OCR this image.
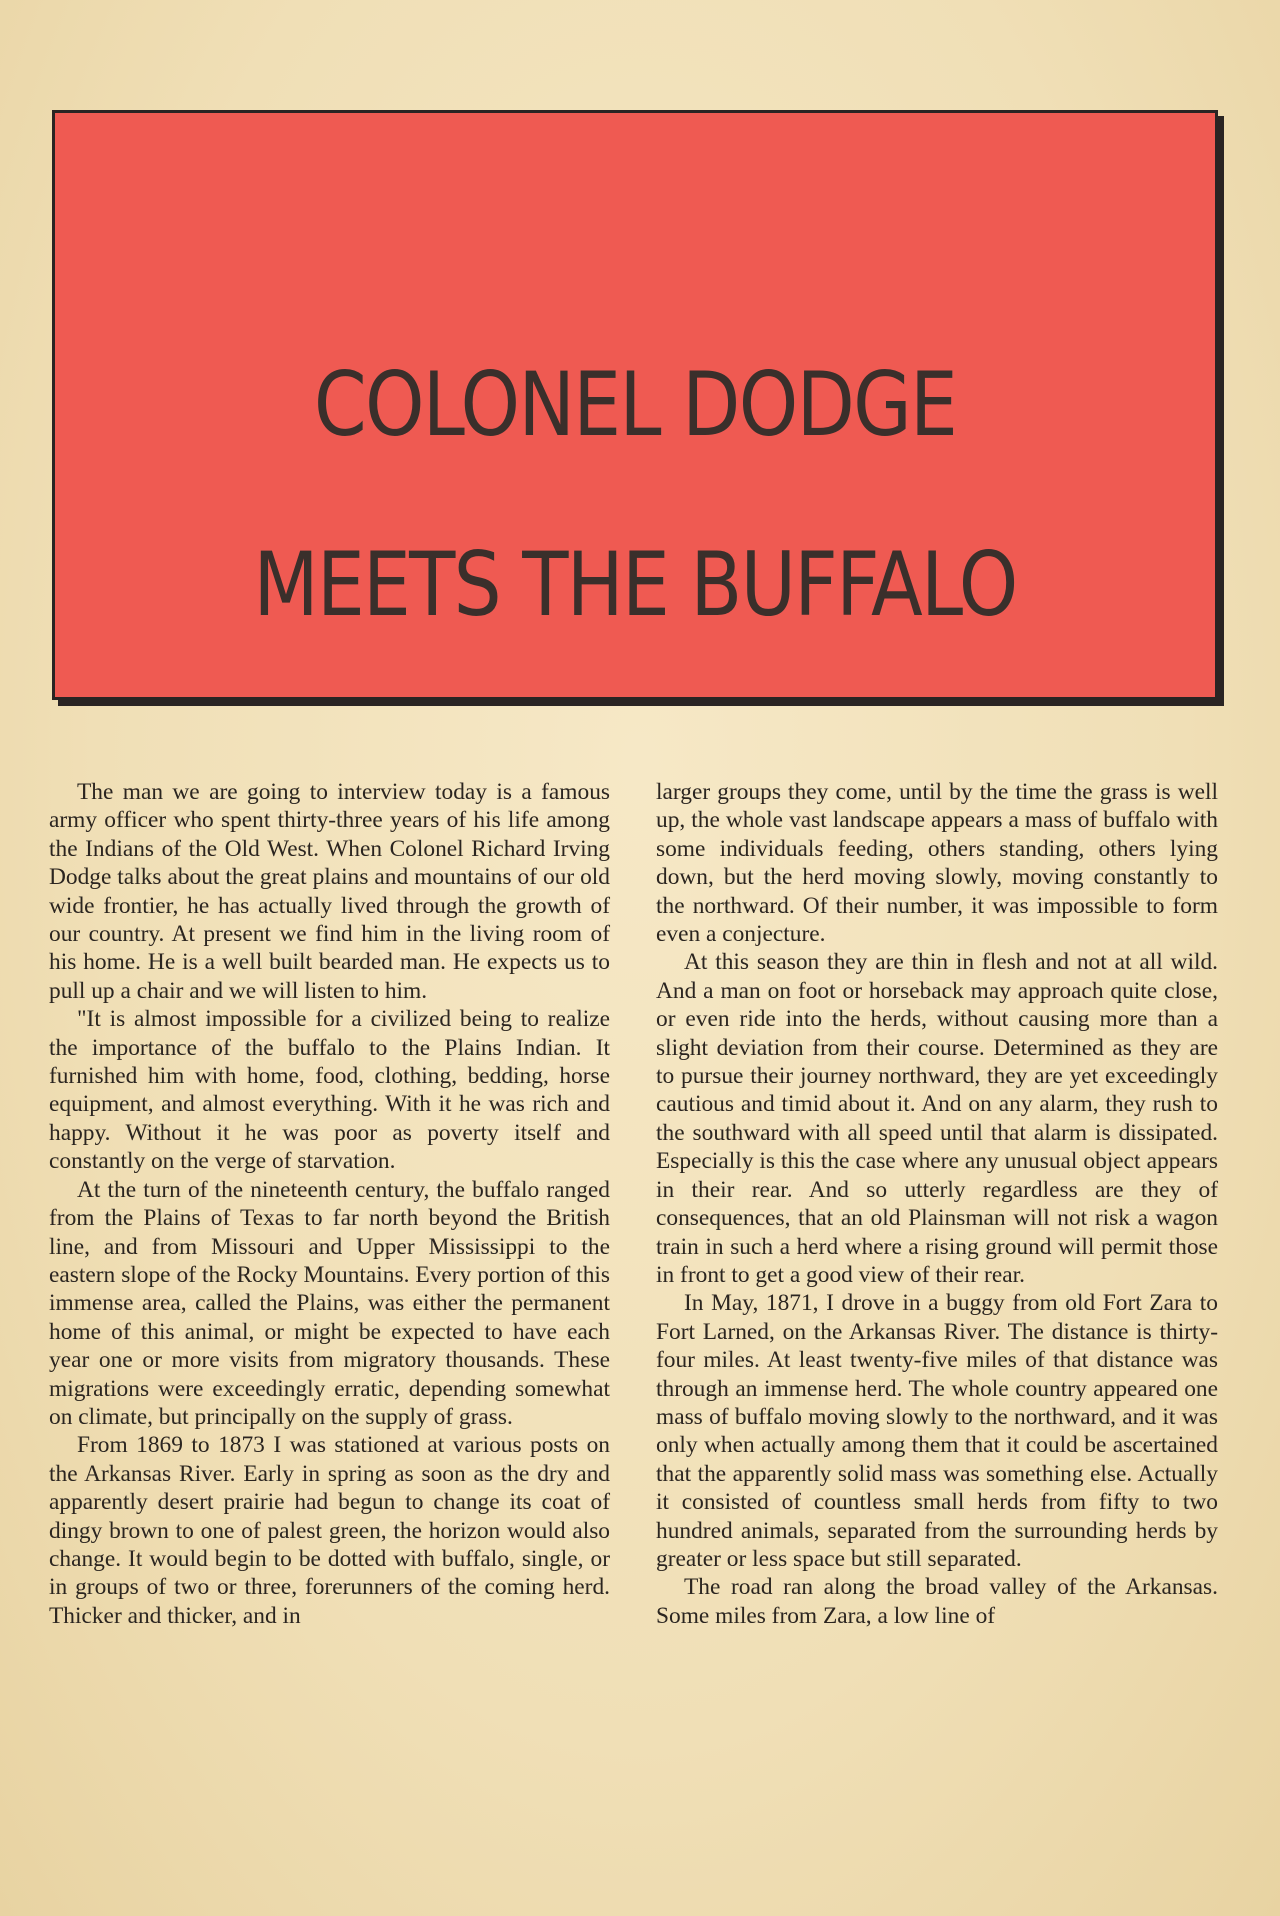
COLONEL DODGE
MEETS THE BUFFALO

The man we are going to interview today is a famous army officer who spent thirty-three years of his life among the Indians of the Old West. When Colonel Richard Irving Dodge talks about the great plains and mountains of our old wide frontier, he has actually lived through the growth of our country. At present we find him in the living room of his home. He is a well built bearded man. He expects us to pull up a chair and we will listen to him.

"It is almost impossible for a civilized being to realize the importance of the buffalo to the Plains Indian. It furnished him with home, food, clothing, bedding, horse equipment, and almost everything. With it he was rich and happy. Without it he was poor as poverty itself and constantly on the verge of starvation.

At the turn of the nineteenth century, the buffalo ranged from the Plains of Texas to far north beyond the British line, and from Missouri and Upper Mississippi to the eastern slope of the Rocky Mountains. Every portion of this immense area, called the Plains, was either the permanent home of this animal, or might be expected to have each year one or more visits from migratory thousands. These migrations were exceedingly erratic, depending somewhat on climate, but principally on the supply of grass.

From 1869 to 1873 I was stationed at various posts on the Arkansas River. Early in spring as soon as the dry and apparently desert prairie had begun to change its coat of dingy brown to one of palest green, the horizon would also change. It would begin to be dotted with buffalo, single, or in groups of two or three, forerunners of the coming herd. Thicker and thicker, and in

larger groups they come, until by the time the grass is well up, the whole vast landscape appears a mass of buffalo with some individuals feeding, others standing, others lying down, but the herd moving slowly, moving constantly to the northward. Of their number, it was impossible to form even a conjecture.

At this season they are thin in flesh and not at all wild. And a man on foot or horseback may approach quite close, or even ride into the herds, without causing more than a slight deviation from their course. Determined as they are to pursue their journey northward, they are yet exceedingly cautious and timid about it. And on any alarm, they rush to the southward with all speed until that alarm is dissipated. Especially is this the case where any unusual object appears in their rear. And so utterly regardless are they of consequences, that an old Plainsman will not risk a wagon train in such a herd where a rising ground will permit those in front to get a good view of their rear.

In May, 1871, I drove in a buggy from old Fort Zara to Fort Larned, on the Arkansas River. The distance is thirty-four miles. At least twenty-five miles of that distance was through an immense herd. The whole country appeared one mass of buffalo moving slowly to the northward, and it was only when actually among them that it could be ascertained that the apparently solid mass was something else. Actually it consisted of countless small herds from fifty to two hundred animals, separated from the surrounding herds by greater or less space but still separated.

The road ran along the broad valley of the Arkansas. Some miles from Zara, a low line of
